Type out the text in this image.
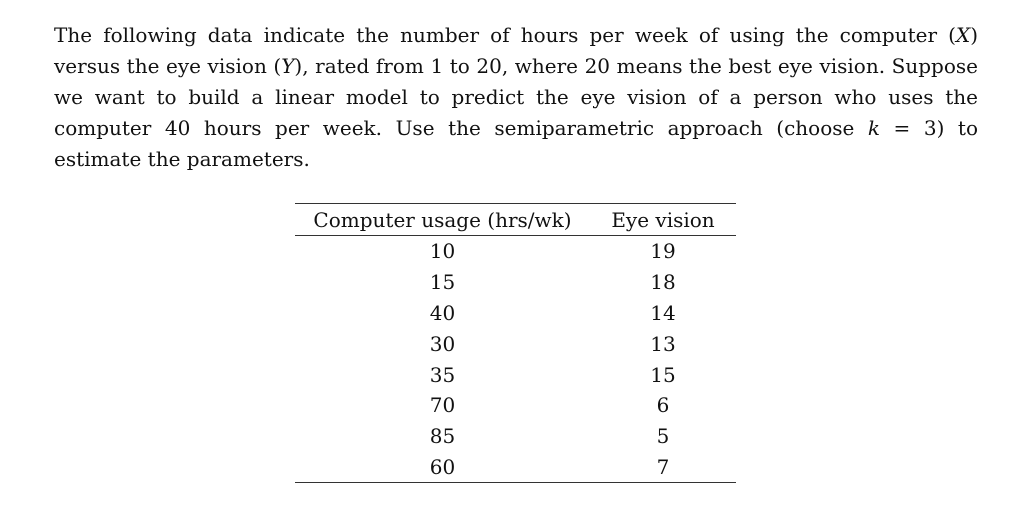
The following data indicate the number of hours per week of using the computer (X) versus the eye vision (Y), rated from 1 to 20, where 20 means the best eye vision. Suppose we want to build a linear model to predict the eye vision of a person who uses the computer 40 hours per week. Use the semiparametric approach (choose k = 3) to estimate the parameters.

Computer usage (hrs/wk)	Eye vision
10	19
15	18
40	14
30	13
35	15
70	6
85	5
60	7
